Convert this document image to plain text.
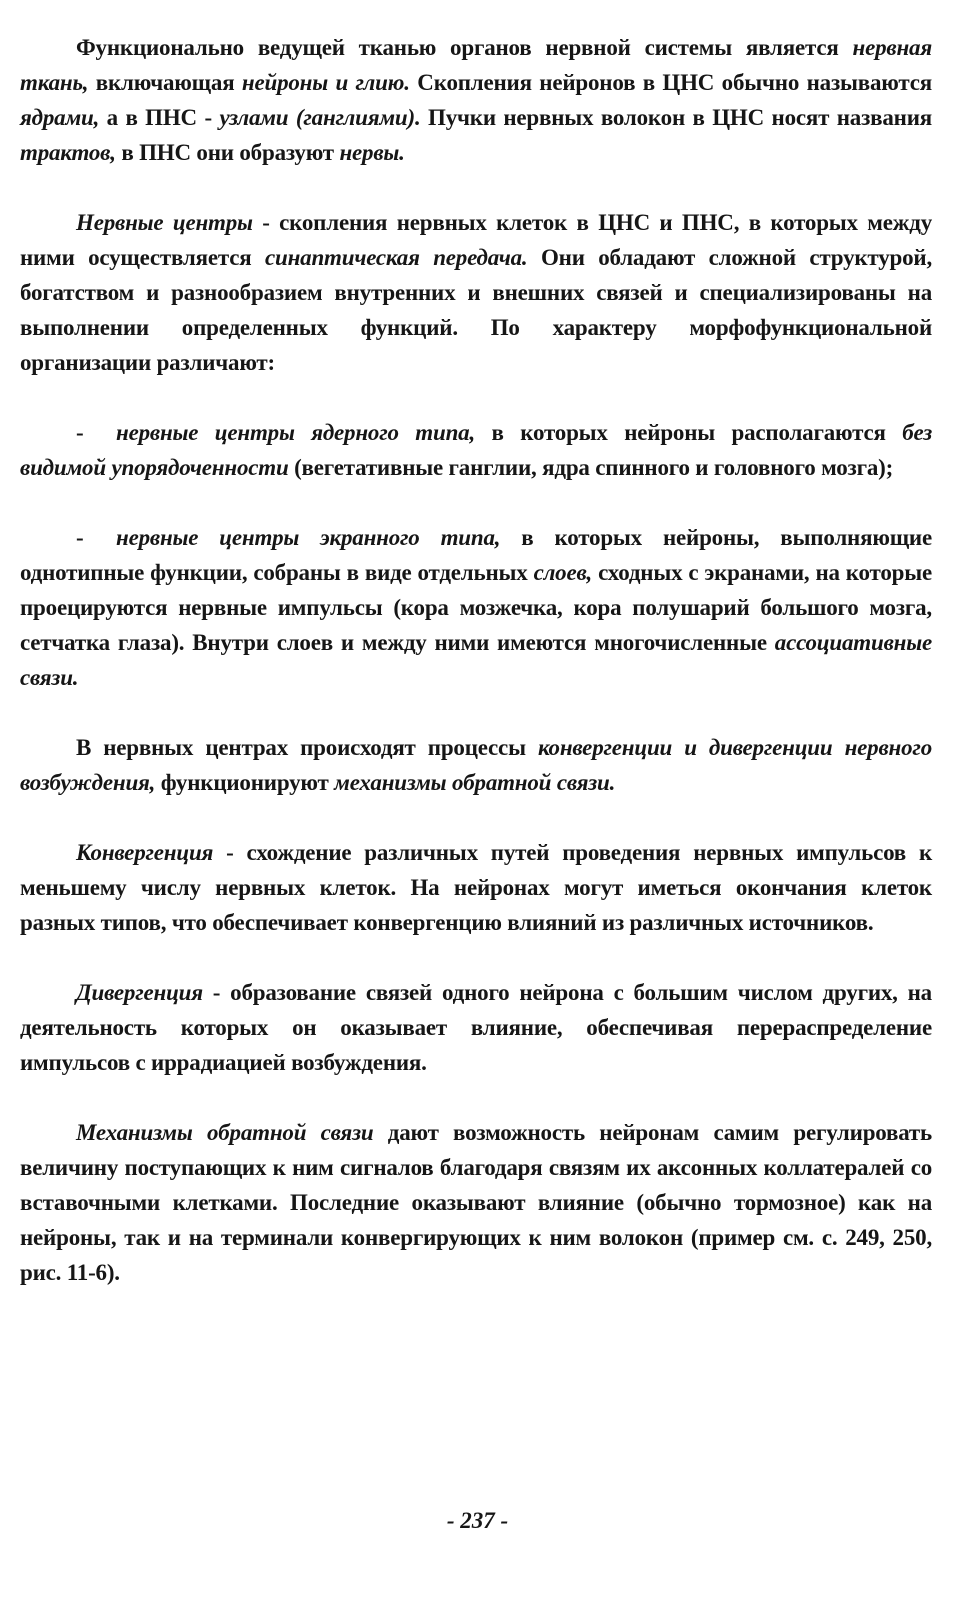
Функционально ведущей тканью органов нервной системы является нервная ткань, включающая нейроны и глию. Скопления нейронов в ЦНС обычно называются ядрами, а в ПНС - узлами (ганглиями). Пучки нервных волокон в ЦНС носят названия трактов, в ПНС они образуют нервы.

Нервные центры - скопления нервных клеток в ЦНС и ПНС, в которых между ними осуществляется синаптическая передача. Они обладают сложной структурой, богатством и разнообразием внутренних и внешних связей и специализированы на выполнении определенных функций. По характеру морфофункциональной организации различают:

- нервные центры ядерного типа, в которых нейроны располагаются без видимой упорядоченности (вегетативные ганглии, ядра спинного и головного мозга);

- нервные центры экранного типа, в которых нейроны, выполняющие однотипные функции, собраны в виде отдельных слоев, сходных с экранами, на которые проецируются нервные импульсы (кора мозжечка, кора полушарий большого мозга, сетчатка глаза). Внутри слоев и между ними имеются многочисленные ассоциативные связи.

В нервных центрах происходят процессы конвергенции и дивергенции нервного возбуждения, функционируют механизмы обратной связи.

Конвергенция - схождение различных путей проведения нервных импульсов к меньшему числу нервных клеток. На нейронах могут иметься окончания клеток разных типов, что обеспечивает конвергенцию влияний из различных источников.

Дивергенция - образование связей одного нейрона с большим числом других, на деятельность которых он оказывает влияние, обеспечивая перераспределение импульсов с иррадиацией возбуждения.

Механизмы обратной связи дают возможность нейронам самим регулировать величину поступающих к ним сигналов благодаря связям их аксонных коллатералей со вставочными клетками. Последние оказывают влияние (обычно тормозное) как на нейроны, так и на терминали конвергирующих к ним волокон (пример см. с. 249, 250, рис. 11-6).

- 237 -
